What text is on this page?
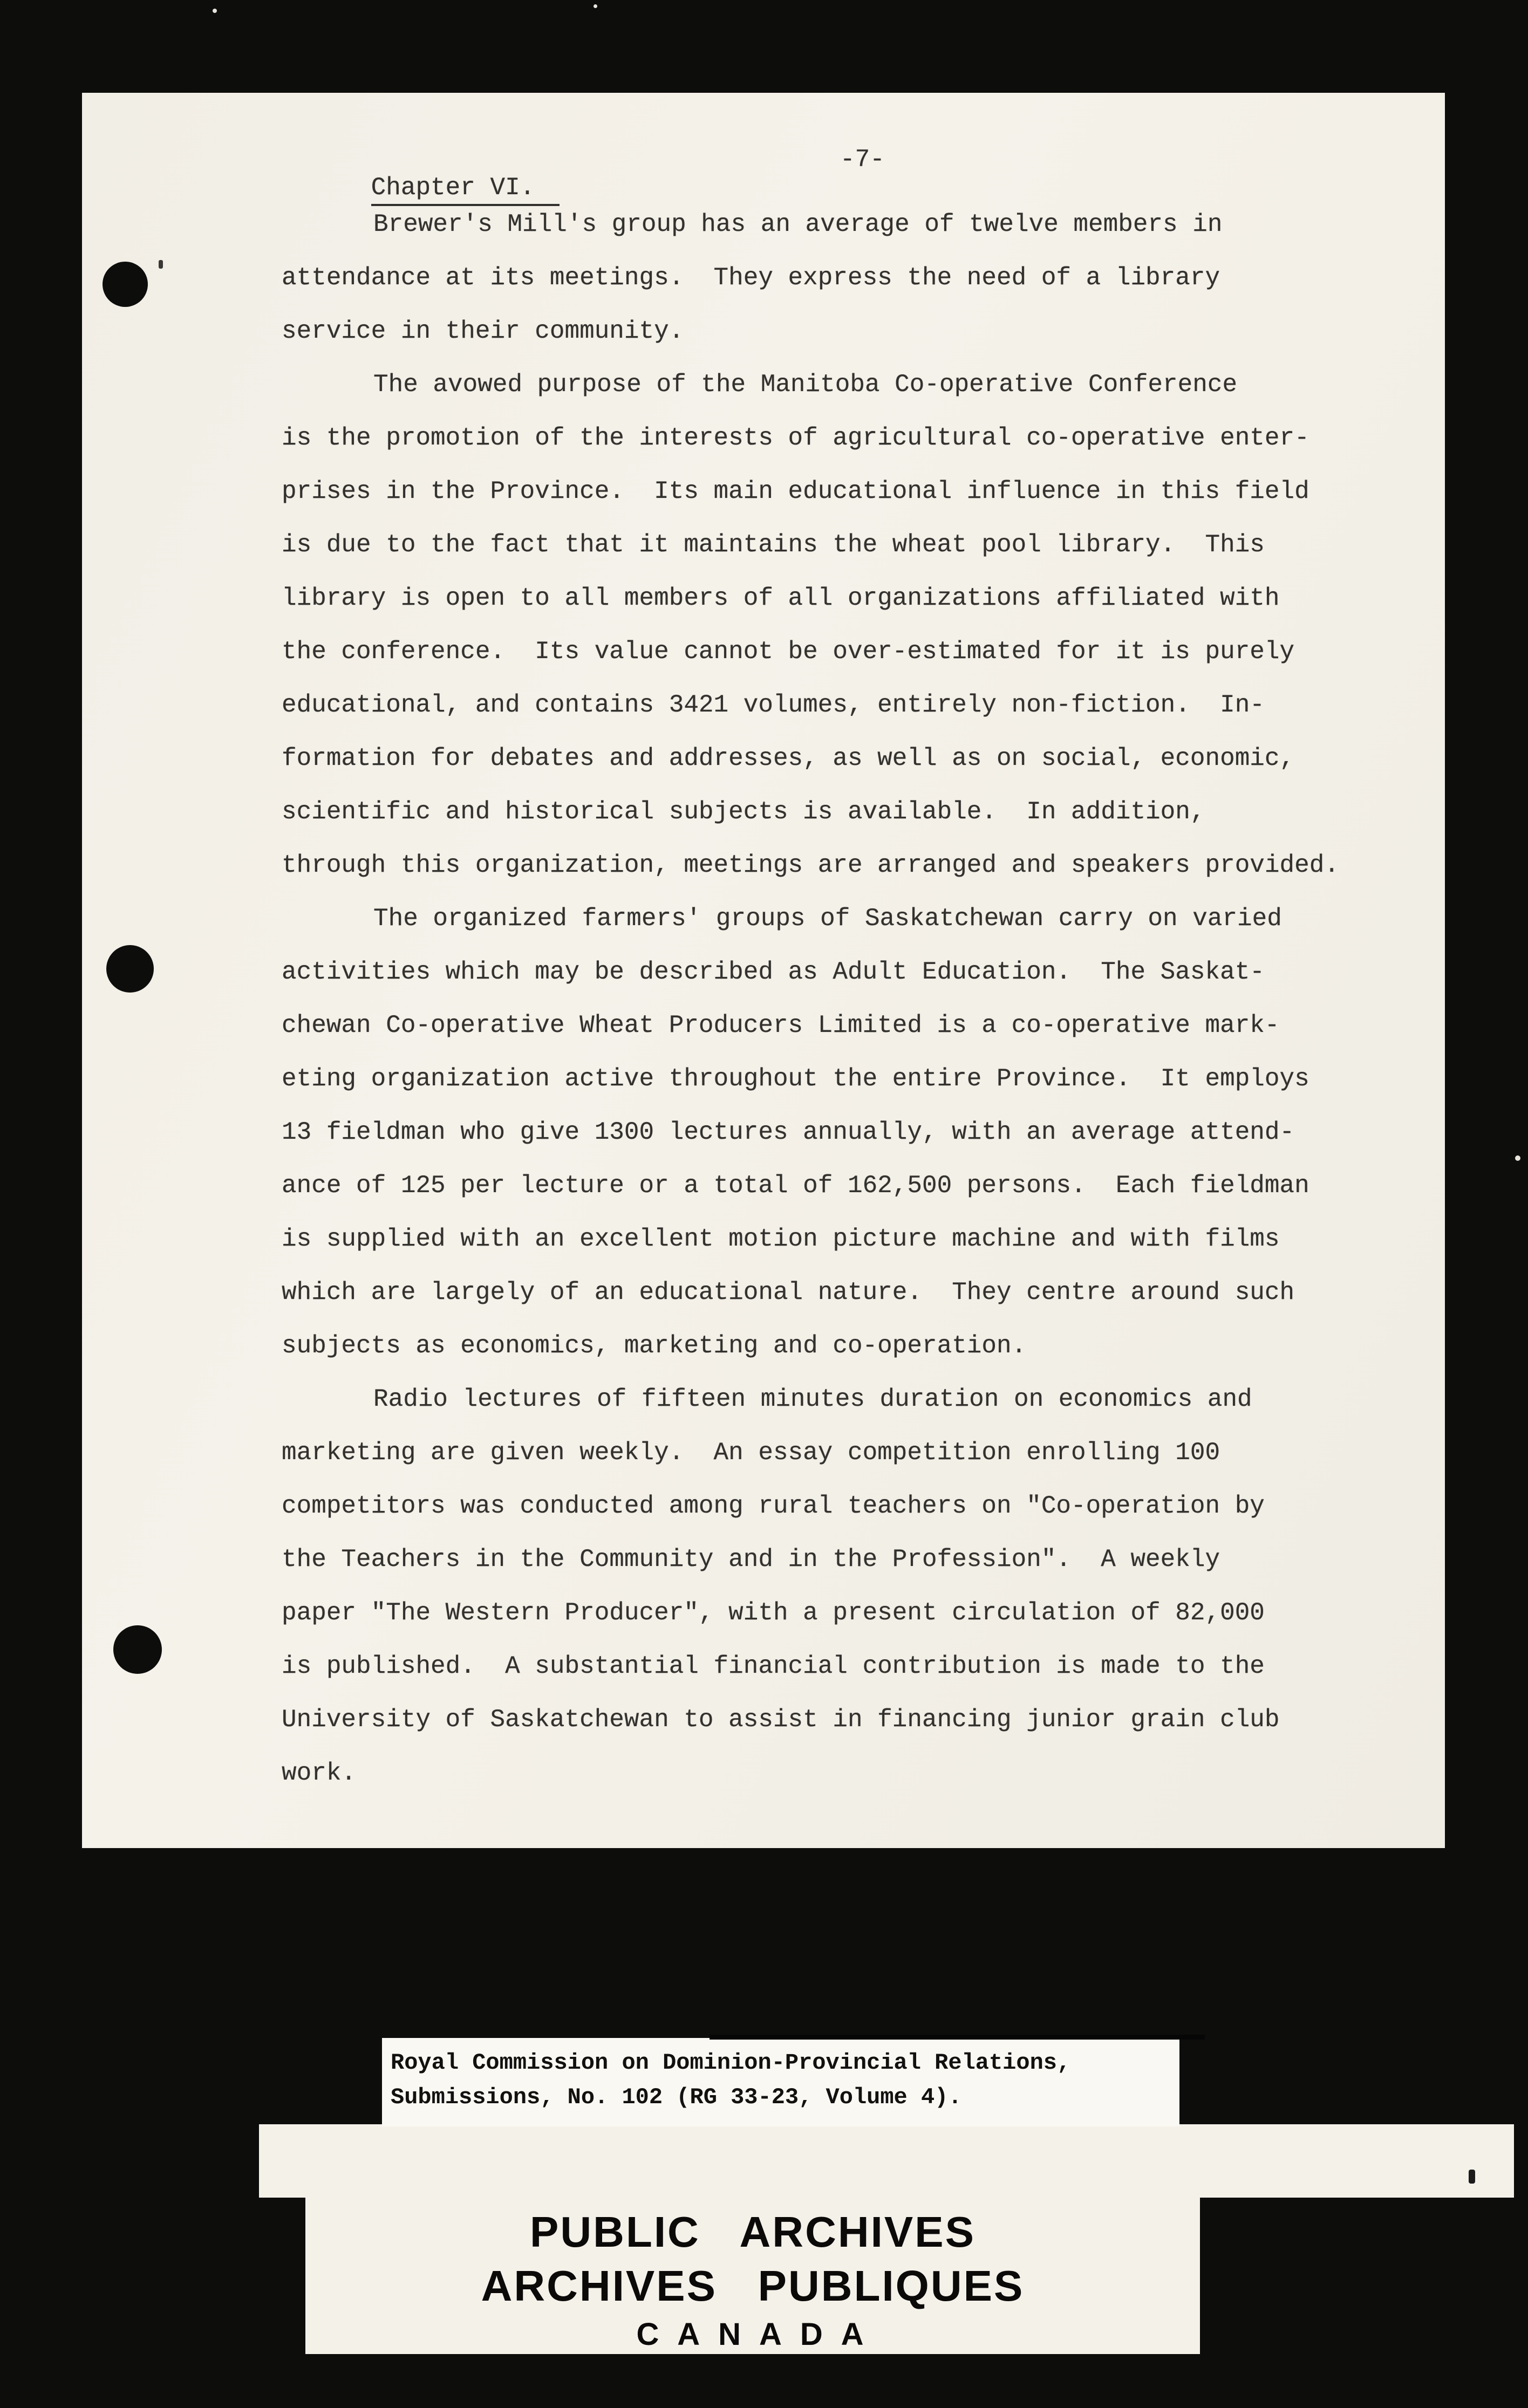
Chapter VI.

-7-

Brewer's Mill's group has an average of twelve members in
attendance at its meetings.  They express the need of a library
service in their community.
The avowed purpose of the Manitoba Co-operative Conference
is the promotion of the interests of agricultural co-operative enter-
prises in the Province.  Its main educational influence in this field
is due to the fact that it maintains the wheat pool library.  This
library is open to all members of all organizations affiliated with
the conference.  Its value cannot be over-estimated for it is purely
educational, and contains 3421 volumes, entirely non-fiction.  In-
formation for debates and addresses, as well as on social, economic,
scientific and historical subjects is available.  In addition,
through this organization, meetings are arranged and speakers provided.
The organized farmers' groups of Saskatchewan carry on varied
activities which may be described as Adult Education.  The Saskat-
chewan Co-operative Wheat Producers Limited is a co-operative mark-
eting organization active throughout the entire Province.  It employs
13 fieldman who give 1300 lectures annually, with an average attend-
ance of 125 per lecture or a total of 162,500 persons.  Each fieldman
is supplied with an excellent motion picture machine and with films
which are largely of an educational nature.  They centre around such
subjects as economics, marketing and co-operation.
Radio lectures of fifteen minutes duration on economics and
marketing are given weekly.  An essay competition enrolling 100
competitors was conducted among rural teachers on "Co-operation by
the Teachers in the Community and in the Profession".  A weekly
paper "The Western Producer", with a present circulation of 82,000
is published.  A substantial financial contribution is made to the
University of Saskatchewan to assist in financing junior grain club
work.
Royal Commission on Dominion-Provincial Relations,
Submissions, No. 102 (RG 33-23, Volume 4).
PUBLIC   ARCHIVES
ARCHIVES   PUBLIQUES
C A N A D A
